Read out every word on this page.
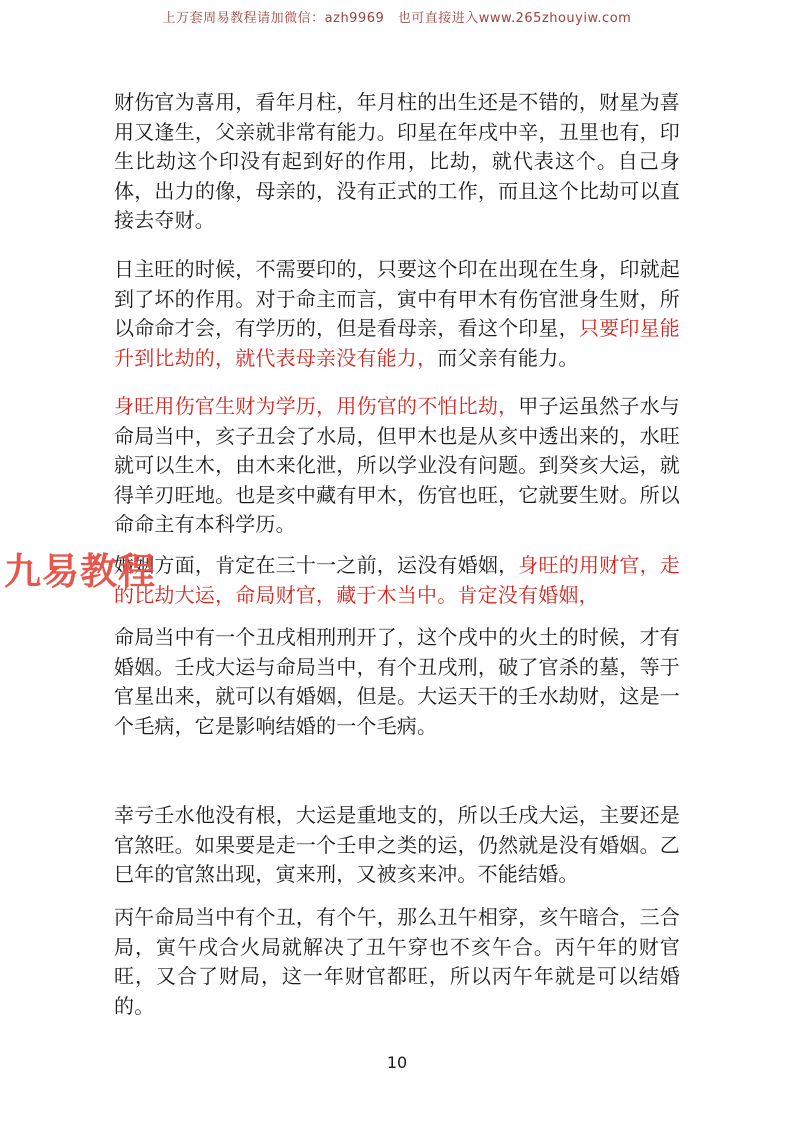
上万套周易教程请加微信：azh9969　也可直接进入www.265zhouyiw.com
九易教程

财伤官为喜用，看年月柱，年月柱的出生还是不错的，财星为喜用又逢生，父亲就非常有能力。印星在年戌中辛，丑里也有，印生比劫这个印没有起到好的作用，比劫，就代表这个。自己身体，出力的像，母亲的，没有正式的工作，而且这个比劫可以直接去夺财。

日主旺的时候，不需要印的，只要这个印在出现在生身，印就起到了坏的作用。对于命主而言，寅中有甲木有伤官泄身生财，所以命命才会，有学历的，但是看母亲，看这个印星，只要印星能升到比劫的，就代表母亲没有能力，而父亲有能力。

身旺用伤官生财为学历，用伤官的不怕比劫，甲子运虽然子水与命局当中，亥子丑会了水局，但甲木也是从亥中透出来的，水旺就可以生木，由木来化泄，所以学业没有问题。到癸亥大运，就得羊刃旺地。也是亥中藏有甲木，伤官也旺，它就要生财。所以命命主有本科学历。

婚姻方面，肯定在三十一之前，运没有婚姻，身旺的用财官，走的比劫大运，命局财官，藏于木当中。肯定没有婚姻，

命局当中有一个丑戌相刑刑开了，这个戌中的火土的时候，才有婚姻。壬戌大运与命局当中，有个丑戌刑，破了官杀的墓，等于官星出来，就可以有婚姻，但是。大运天干的壬水劫财，这是一个毛病，它是影响结婚的一个毛病。

幸亏壬水他没有根，大运是重地支的，所以壬戌大运，主要还是官煞旺。如果要是走一个壬申之类的运，仍然就是没有婚姻。乙巳年的官煞出现，寅来刑，又被亥来冲。不能结婚。

丙午命局当中有个丑，有个午，那么丑午相穿，亥午暗合，三合局，寅午戌合火局就解决了丑午穿也不亥午合。丙午年的财官旺，又合了财局，这一年财官都旺，所以丙午年就是可以结婚的。

10
